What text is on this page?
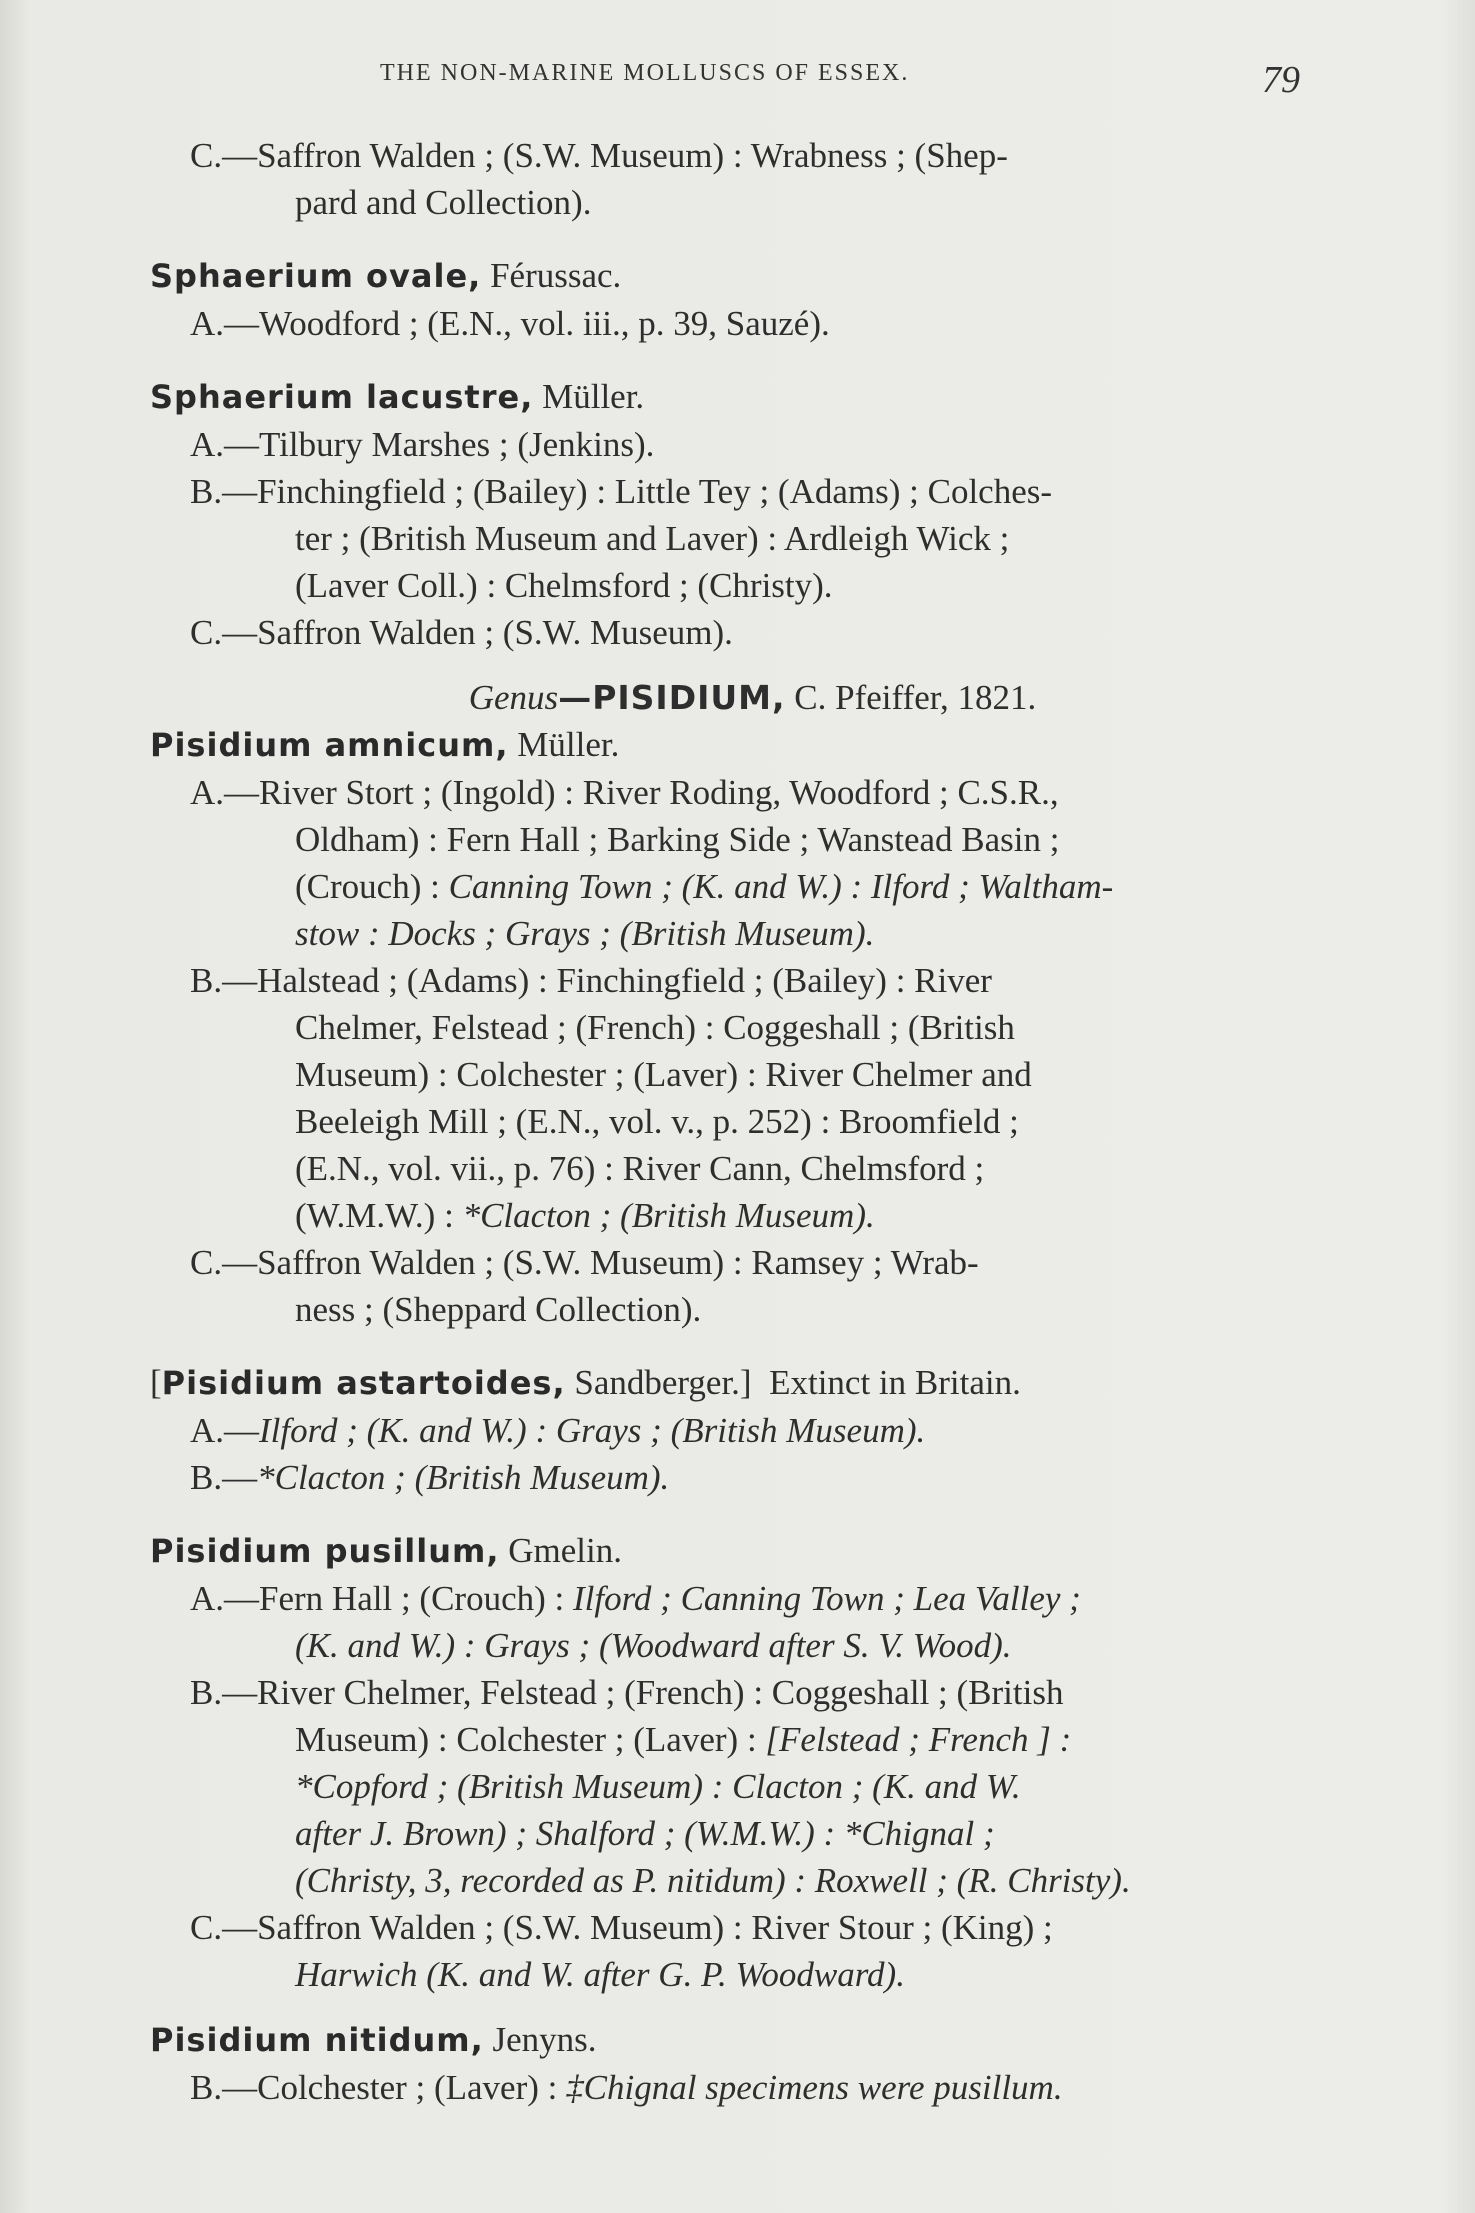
THE NON-MARINE MOLLUSCS OF ESSEX.	79
C.—Saffron Walden ; (S.W. Museum) : Wrabness ; (Shep-
pard and Collection).
Sphaerium ovale, Férussac.
A.—Woodford ; (E.N., vol. iii., p. 39, Sauzé).
Sphaerium lacustre, Müller.
A.—Tilbury Marshes ; (Jenkins).
B.—Finchingfield ; (Bailey) : Little Tey ; (Adams) ; Colches-
ter ; (British Museum and Laver) : Ardleigh Wick ;
(Laver Coll.) : Chelmsford ; (Christy).
C.—Saffron Walden ; (S.W. Museum).
Genus—PISIDIUM, C. Pfeiffer, 1821.
Pisidium amnicum, Müller.
A.—River Stort ; (Ingold) : River Roding, Woodford ; C.S.R.,
Oldham) : Fern Hall ; Barking Side ; Wanstead Basin ;
(Crouch) : Canning Town ; (K. and W.) : Ilford ; Waltham-
stow : Docks ; Grays ; (British Museum).
B.—Halstead ; (Adams) : Finchingfield ; (Bailey) : River
Chelmer, Felstead ; (French) : Coggeshall ; (British
Museum) : Colchester ; (Laver) : River Chelmer and
Beeleigh Mill ; (E.N., vol. v., p. 252) : Broomfield ;
(E.N., vol. vii., p. 76) : River Cann, Chelmsford ;
(W.M.W.) : *Clacton ; (British Museum).
C.—Saffron Walden ; (S.W. Museum) : Ramsey ; Wrab-
ness ; (Sheppard Collection).
[Pisidium astartoides, Sandberger.] Extinct in Britain.
A.—Ilford ; (K. and W.) : Grays ; (British Museum).
B.—*Clacton ; (British Museum).
Pisidium pusillum, Gmelin.
A.—Fern Hall ; (Crouch) : Ilford ; Canning Town ; Lea Valley ;
(K. and W.) : Grays ; (Woodward after S. V. Wood).
B.—River Chelmer, Felstead ; (French) : Coggeshall ; (British
Museum) : Colchester ; (Laver) : [Felstead ; French ] :
*Copford ; (British Museum) : Clacton ; (K. and W.
after J. Brown) ; Shalford ; (W.M.W.) : *Chignal ;
(Christy, 3, recorded as P. nitidum) : Roxwell ; (R. Christy).
C.—Saffron Walden ; (S.W. Museum) : River Stour ; (King) ;
Harwich (K. and W. after G. P. Woodward).
Pisidium nitidum, Jenyns.
B.—Colchester ; (Laver) : ‡Chignal specimens were pusillum.
